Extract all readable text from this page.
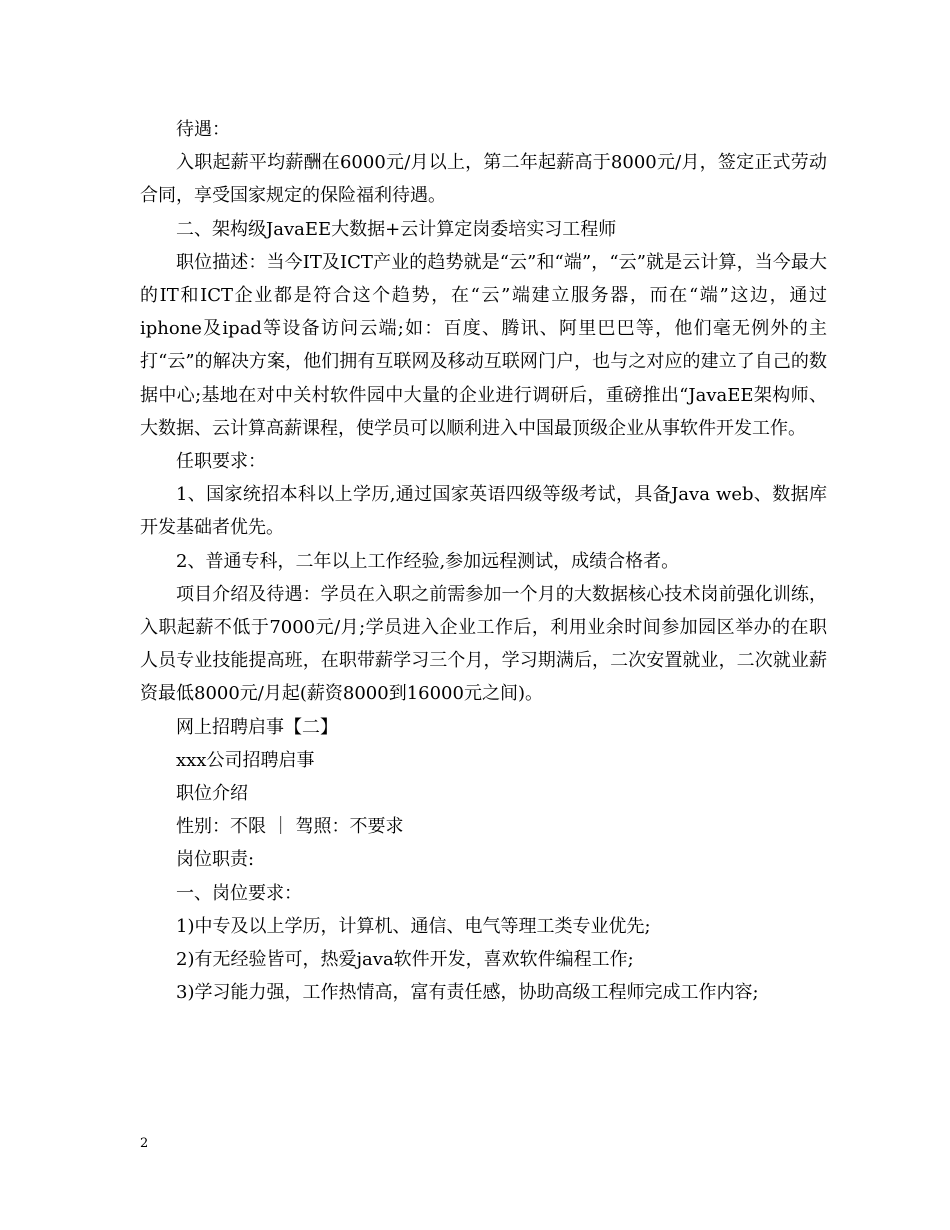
待遇：

入职起薪平均薪酬在6000元/月以上，第二年起薪高于8000元/月，签定正式劳动合同，享受国家规定的保险福利待遇。

二、架构级JavaEE大数据+云计算定岗委培实习工程师

职位描述：当今IT及ICT产业的趋势就是“云”和“端”，“云”就是云计算，当今最大的IT和ICT企业都是符合这个趋势，在“云”端建立服务器，而在“端”这边，通过iphone及ipad等设备访问云端;如：百度、腾讯、阿里巴巴等，他们毫无例外的主打“云”的解决方案，他们拥有互联网及移动互联网门户，也与之对应的建立了自己的数据中心;基地在对中关村软件园中大量的企业进行调研后，重磅推出“JavaEE架构师、大数据、云计算高薪课程，使学员可以顺利进入中国最顶级企业从事软件开发工作。

任职要求：

1、国家统招本科以上学历,通过国家英语四级等级考试，具备Java web、数据库开发基础者优先。

2、普通专科，二年以上工作经验,参加远程测试，成绩合格者。

项目介绍及待遇：学员在入职之前需参加一个月的大数据核心技术岗前强化训练，入职起薪不低于7000元/月;学员进入企业工作后，利用业余时间参加园区举办的在职人员专业技能提高班，在职带薪学习三个月，学习期满后，二次安置就业，二次就业薪资最低8000元/月起(薪资8000到16000元之间)。

网上招聘启事【二】

xxx公司招聘启事

职位介绍

性别：不限 ｜ 驾照：不要求

岗位职责:

一、岗位要求：

1)中专及以上学历，计算机、通信、电气等理工类专业优先;

2)有无经验皆可，热爱java软件开发，喜欢软件编程工作;

3)学习能力强，工作热情高，富有责任感，协助高级工程师完成工作内容;

2
